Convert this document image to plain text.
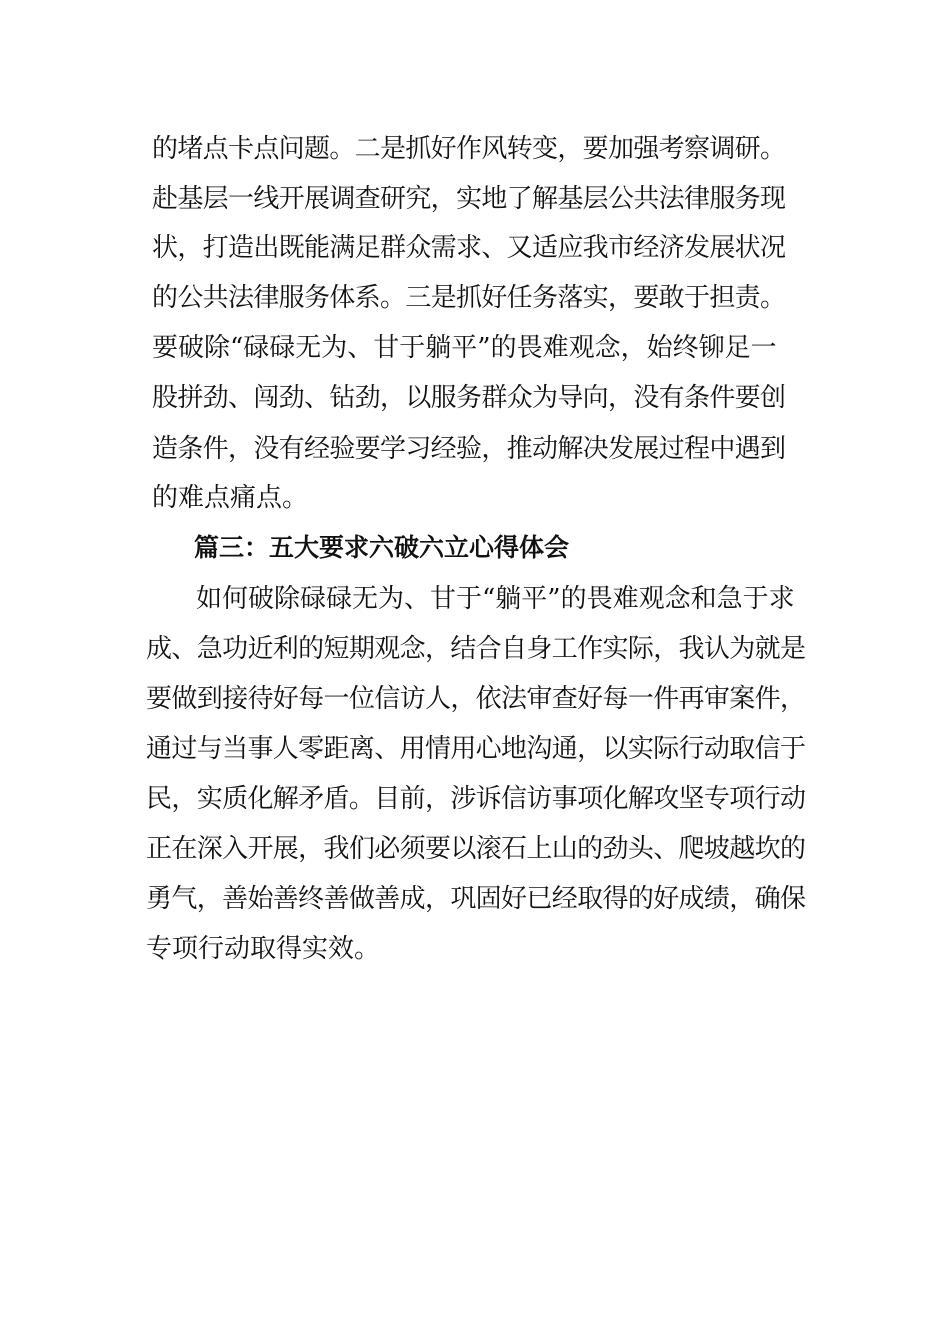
的堵点卡点问题。二是抓好作风转变，要加强考察调研。
赴基层一线开展调查研究，实地了解基层公共法律服务现
状，打造出既能满足群众需求、又适应我市经济发展状况
的公共法律服务体系。三是抓好任务落实，要敢于担责。
要破除“碌碌无为、甘于躺平”的畏难观念，始终铆足一
股拼劲、闯劲、钻劲，以服务群众为导向，没有条件要创
造条件，没有经验要学习经验，推动解决发展过程中遇到
的难点痛点。
篇三：五大要求六破六立心得体会
如何破除碌碌无为、甘于“躺平”的畏难观念和急于求
成、急功近利的短期观念，结合自身工作实际，我认为就是
要做到接待好每一位信访人，依法审查好每一件再审案件，
通过与当事人零距离、用情用心地沟通，以实际行动取信于
民，实质化解矛盾。目前，涉诉信访事项化解攻坚专项行动
正在深入开展，我们必须要以滚石上山的劲头、爬坡越坎的
勇气，善始善终善做善成，巩固好已经取得的好成绩，确保
专项行动取得实效。
